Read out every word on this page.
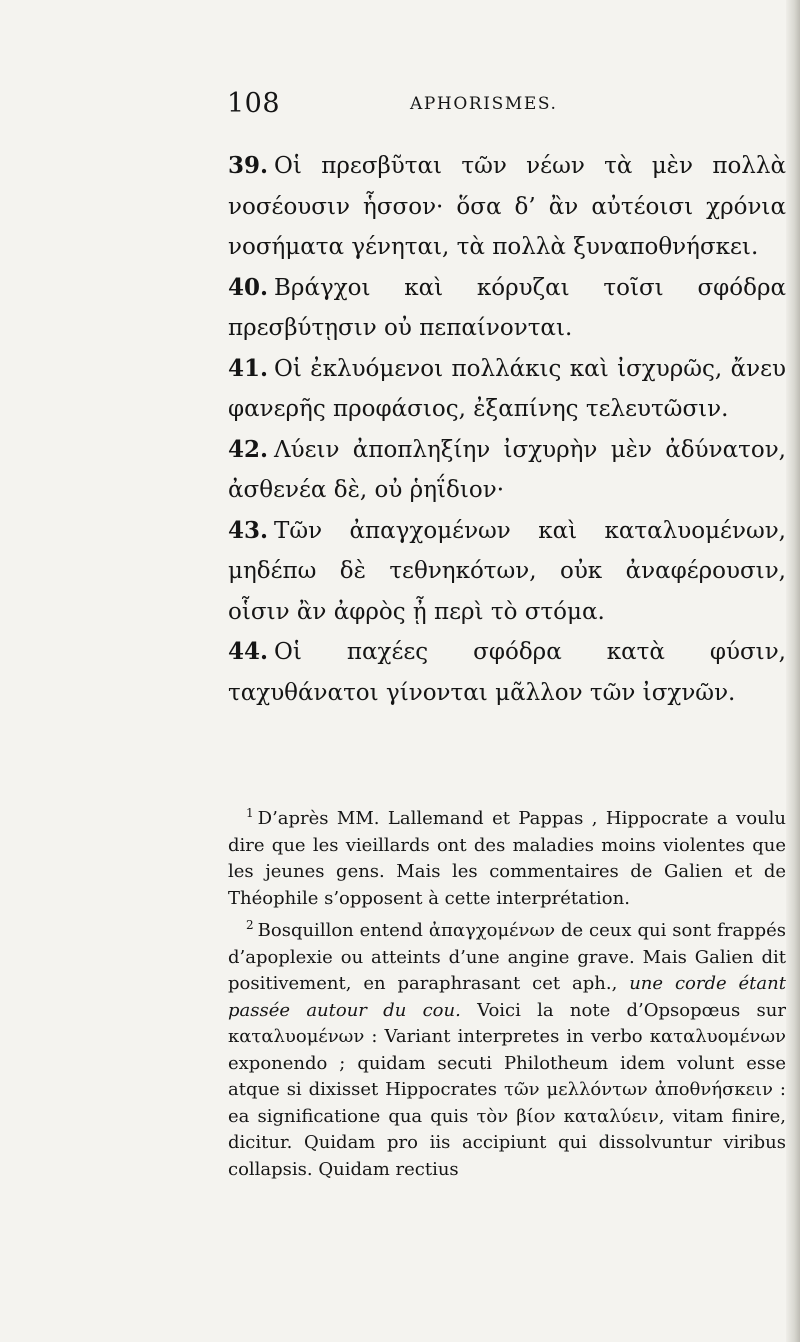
108	APHORISMES.

39. Οἱ πρεσβῦται τῶν νέων τὰ μὲν πολλὰ νοσέουσιν ἧσσον· ὅσα δ’ ἂν αὐτέοισι χρόνια νοσήματα γένηται, τὰ πολλὰ ξυναποθνήσκει.

40. Βράγχοι καὶ κόρυζαι τοῖσι σφόδρα πρεσβύτῃσιν οὐ πεπαίνονται.

41. Οἱ ἐκλυόμενοι πολλάκις καὶ ἰσχυρῶς, ἄνευ φανερῆς προφάσιος, ἐξαπίνης τελευτῶσιν.

42. Λύειν ἀποπληξίην ἰσχυρὴν μὲν ἀδύνατον, ἀσθενέα δὲ, οὐ ῥηΐδιον·

43. Τῶν ἀπαγχομένων καὶ καταλυομένων, μηδέπω δὲ τεθνηκότων, οὐκ ἀναφέρουσιν, οἷσιν ἂν ἀφρὸς ᾖ περὶ τὸ στόμα.

44. Οἱ παχέες σφόδρα κατὰ φύσιν, ταχυθάνατοι γίνονται μᾶλλον τῶν ἰσχνῶν.

$^1$ D’après MM. Lallemand et Pappas , Hippocrate a voulu dire que les vieillards ont des maladies moins violentes que les jeunes gens. Mais les commentaires de Galien et de Théophile s’opposent à cette interprétation.

$^2$ Bosquillon entend ἀπαγχομένων de ceux qui sont frappés d’apoplexie ou atteints d’une angine grave. Mais Galien dit positivement, en paraphrasant cet aph., une corde étant passée autour du cou. Voici la note d’Opsopœus sur καταλυομένων : Variant interpretes in verbo καταλυομένων exponendo ; quidam secuti Philotheum idem volunt esse atque si dixisset Hippocrates τῶν μελλόντων ἀποθνήσκειν : ea significatione qua quis τὸν βίον καταλύειν, vitam finire, dicitur. Quidam pro iis accipiunt qui dissolvuntur viribus collapsis. Quidam rectius
